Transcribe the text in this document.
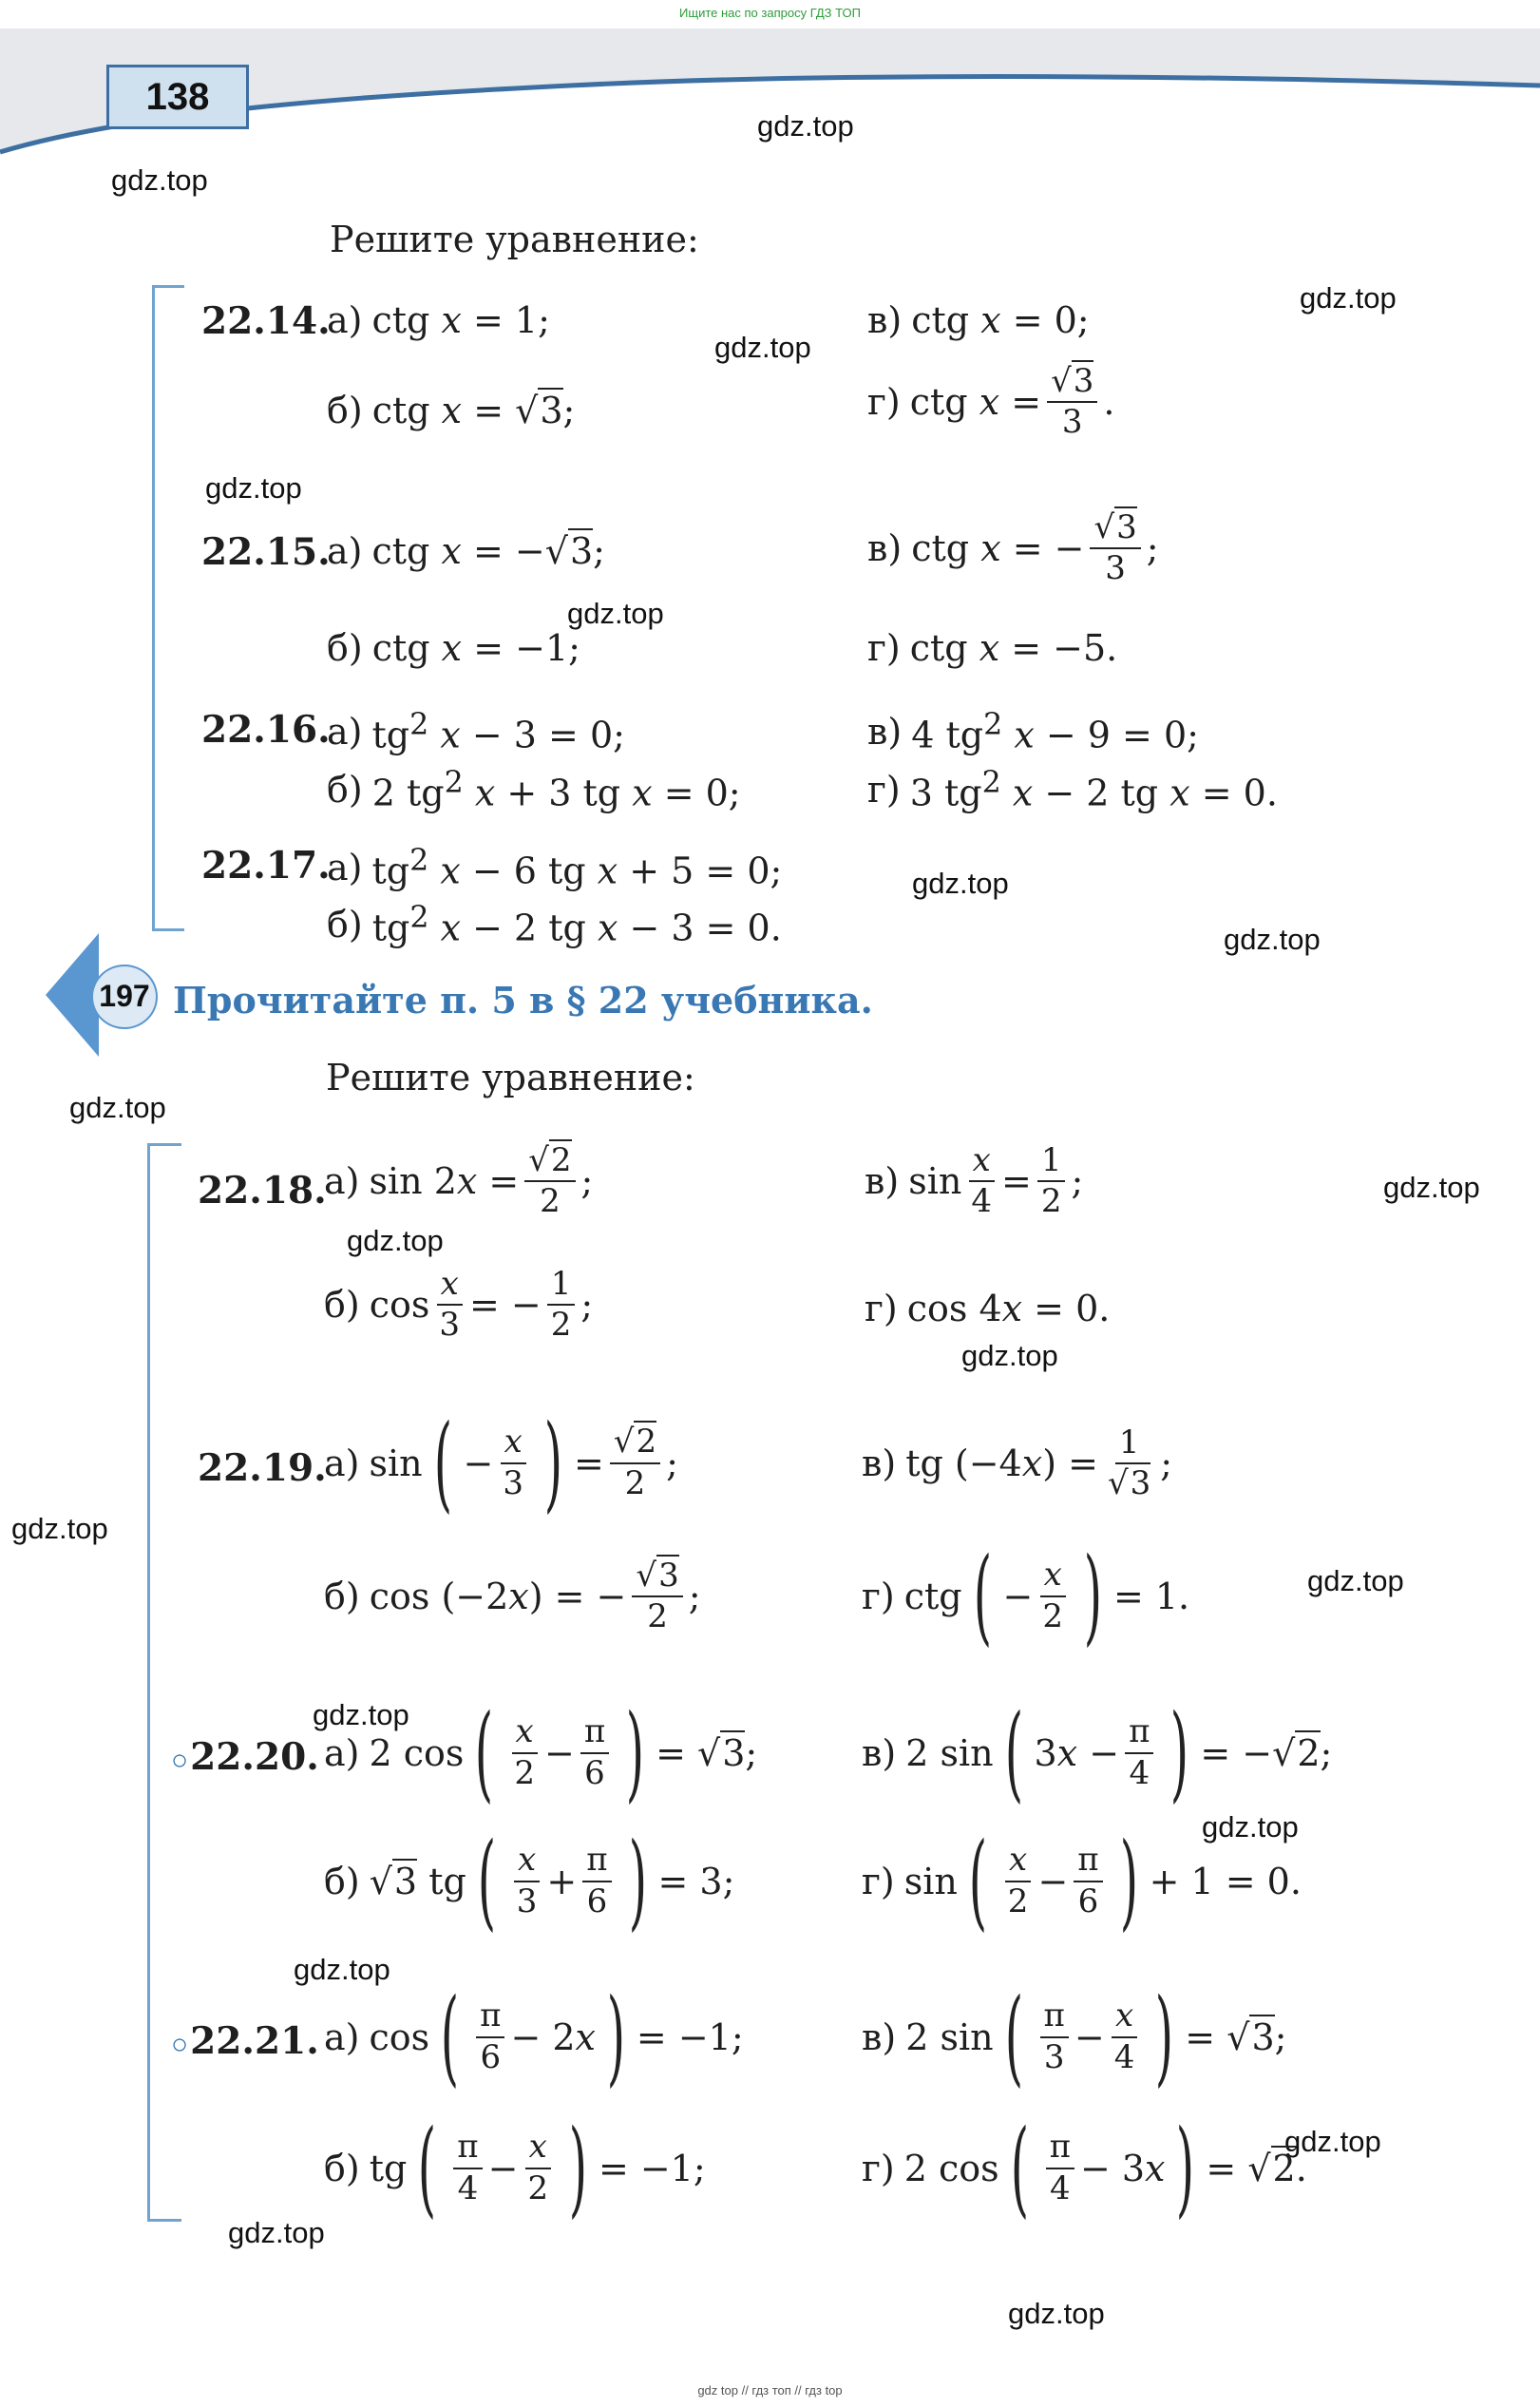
Ищите нас по запросу ГДЗ ТОП
138
gdz.top
gdz.top
gdz.top
gdz.top
gdz.top
gdz.top
gdz.top
gdz.top
gdz.top
gdz.top
gdz.top
gdz.top
gdz.top
gdz.top
gdz.top
gdz.top
gdz.top
gdz.top
gdz.top
gdz.top
Решите уравнение:
22.14.
а) ctg x = 1;	в) ctg x = 0;
б) ctg x = √3;	г) ctg $x = \frac{√3}{3}$ .
22.15.
а) ctg x = −√3;	в) ctg x = − $\frac{√3}{3}$ ;
б) ctg x = −1;	г) ctg x = −5.
22.16.
а) $tg^2$ x − 3 = 0;	в) 4 $tg^2$ x − 9 = 0;
б) 2 $tg^2$ x + 3 tg x = 0;	г) 3 $tg^2$ x − 2 tg x = 0.
22.17.
а) $tg^2$ x − 6 tg x + 5 = 0;
б) $tg^2$ x − 2 tg x − 3 = 0.
197 Прочитайте п. 5 в § 22 учебника.
Решите уравнение:
22.18.
а) $\sin 2x = \frac{√2}{2}$ ;	в) $\sin \frac{x}{4} = \frac{1}{2}$ ;
б) $\cos \frac{x}{3}$ = − $\frac{1}{2}$ ;	г) cos 4x = 0.
22.19.
а) sin ( − $\frac{x}{3}$ ) = $\frac{√2}{2}$ ;	в) tg $(-4x) = \frac{1}{√3}$ ;
б) cos (−2x) = − $\frac{√3}{2}$ ;	г) ctg ( − $\frac{x}{2}$ ) = 1.
○22.20. а) 2 cos ( $\frac{x}{2} - \frac{\pi}{6}$ ) = √3;	в) 2 sin ( $3x - \frac{\pi}{4}$ ) = −√2;
б) √3 tg ( $\frac{x}{3} + \frac{\pi}{6}$ ) = 3;	г) sin ( $\frac{x}{2} - \frac{\pi}{6}$ ) + 1 = 0.
○22.21. а) cos ( $\frac{\pi}{6} - 2x$ ) = −1;	в) 2 sin ( $\frac{\pi}{3} - \frac{x}{4}$ ) = √3;
б) tg ( $\frac{\pi}{4} - \frac{x}{2}$ ) = −1;	г) 2 cos ( $\frac{\pi}{4} - 3x$ ) = √2.
gdz top // гдз топ // гдз top
